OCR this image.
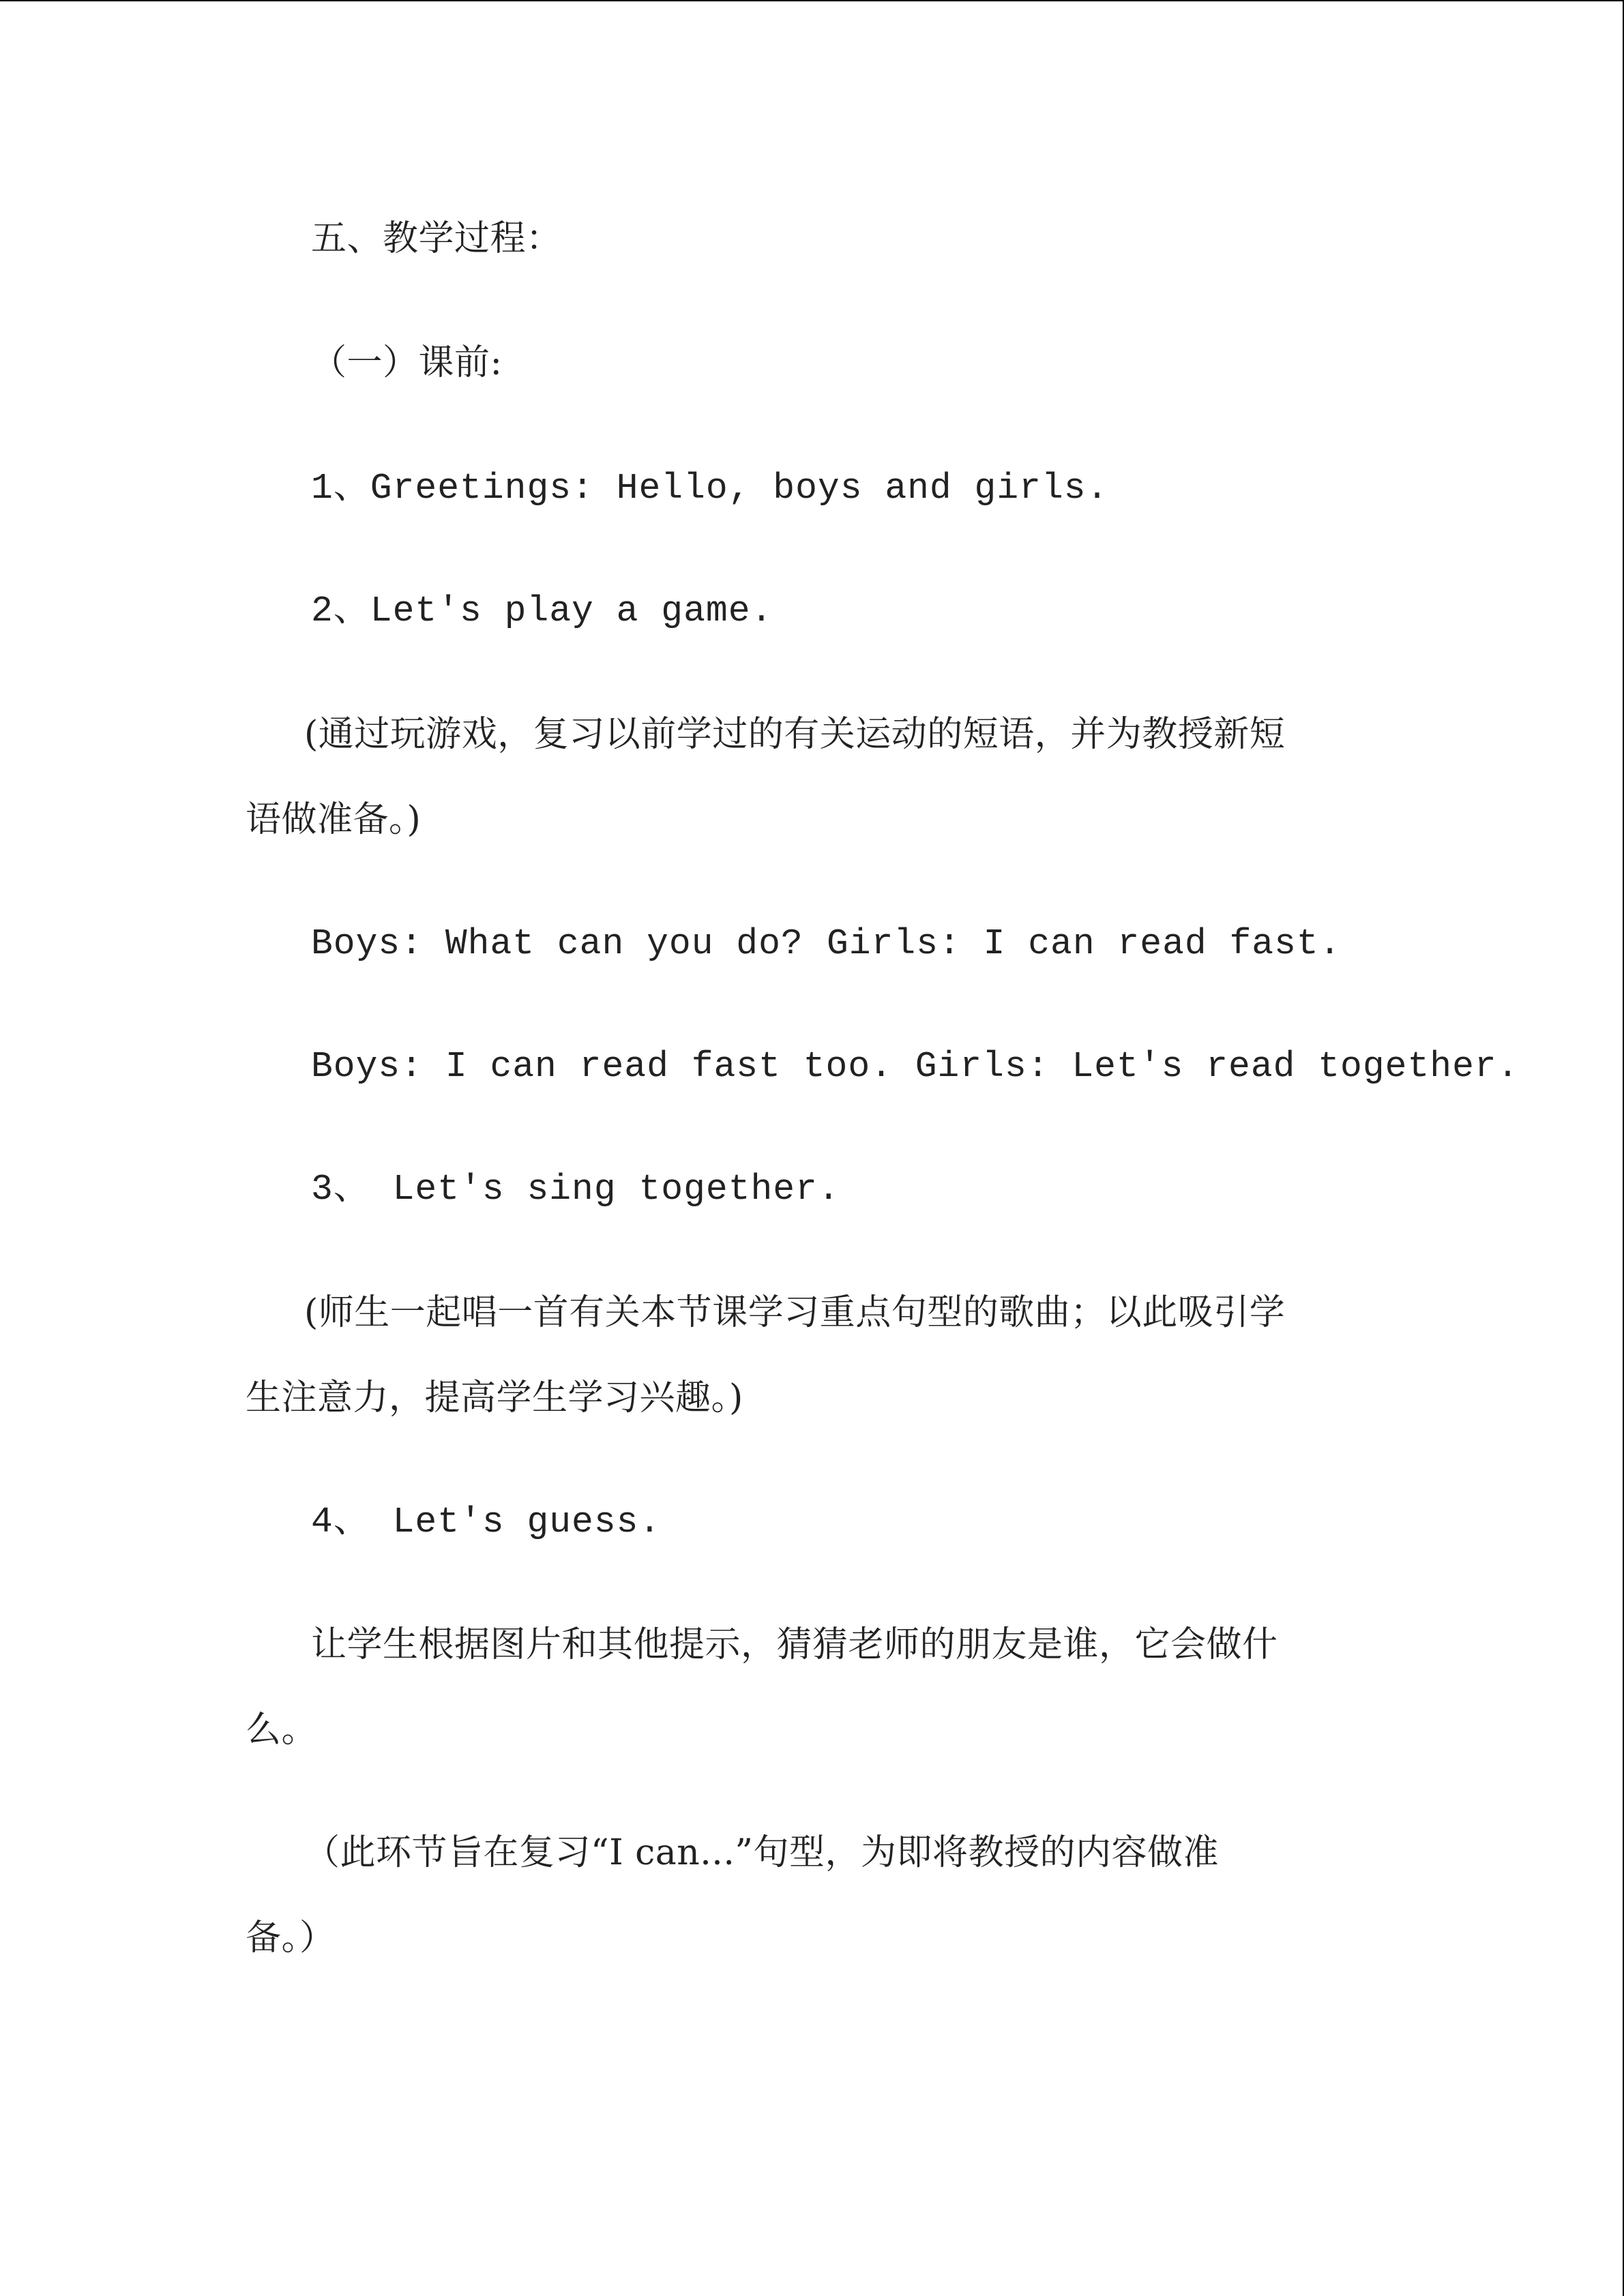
五、教学过程：

（一）课前:

1、Greetings: Hello, boys and girls.

2、Let's play a game.

(通过玩游戏，复习以前学过的有关运动的短语，并为教授新短

语做准备。)

Boys: What can you do? Girls: I can read fast.

Boys: I can read fast too. Girls: Let's read together.

3、 Let's sing together.

(师生一起唱一首有关本节课学习重点句型的歌曲；以此吸引学

生注意力，提高学生学习兴趣。)

4、 Let's guess.

让学生根据图片和其他提示，猜猜老师的朋友是谁，它会做什

么。

（此环节旨在复习“I can...”句型，为即将教授的内容做准

备。）
